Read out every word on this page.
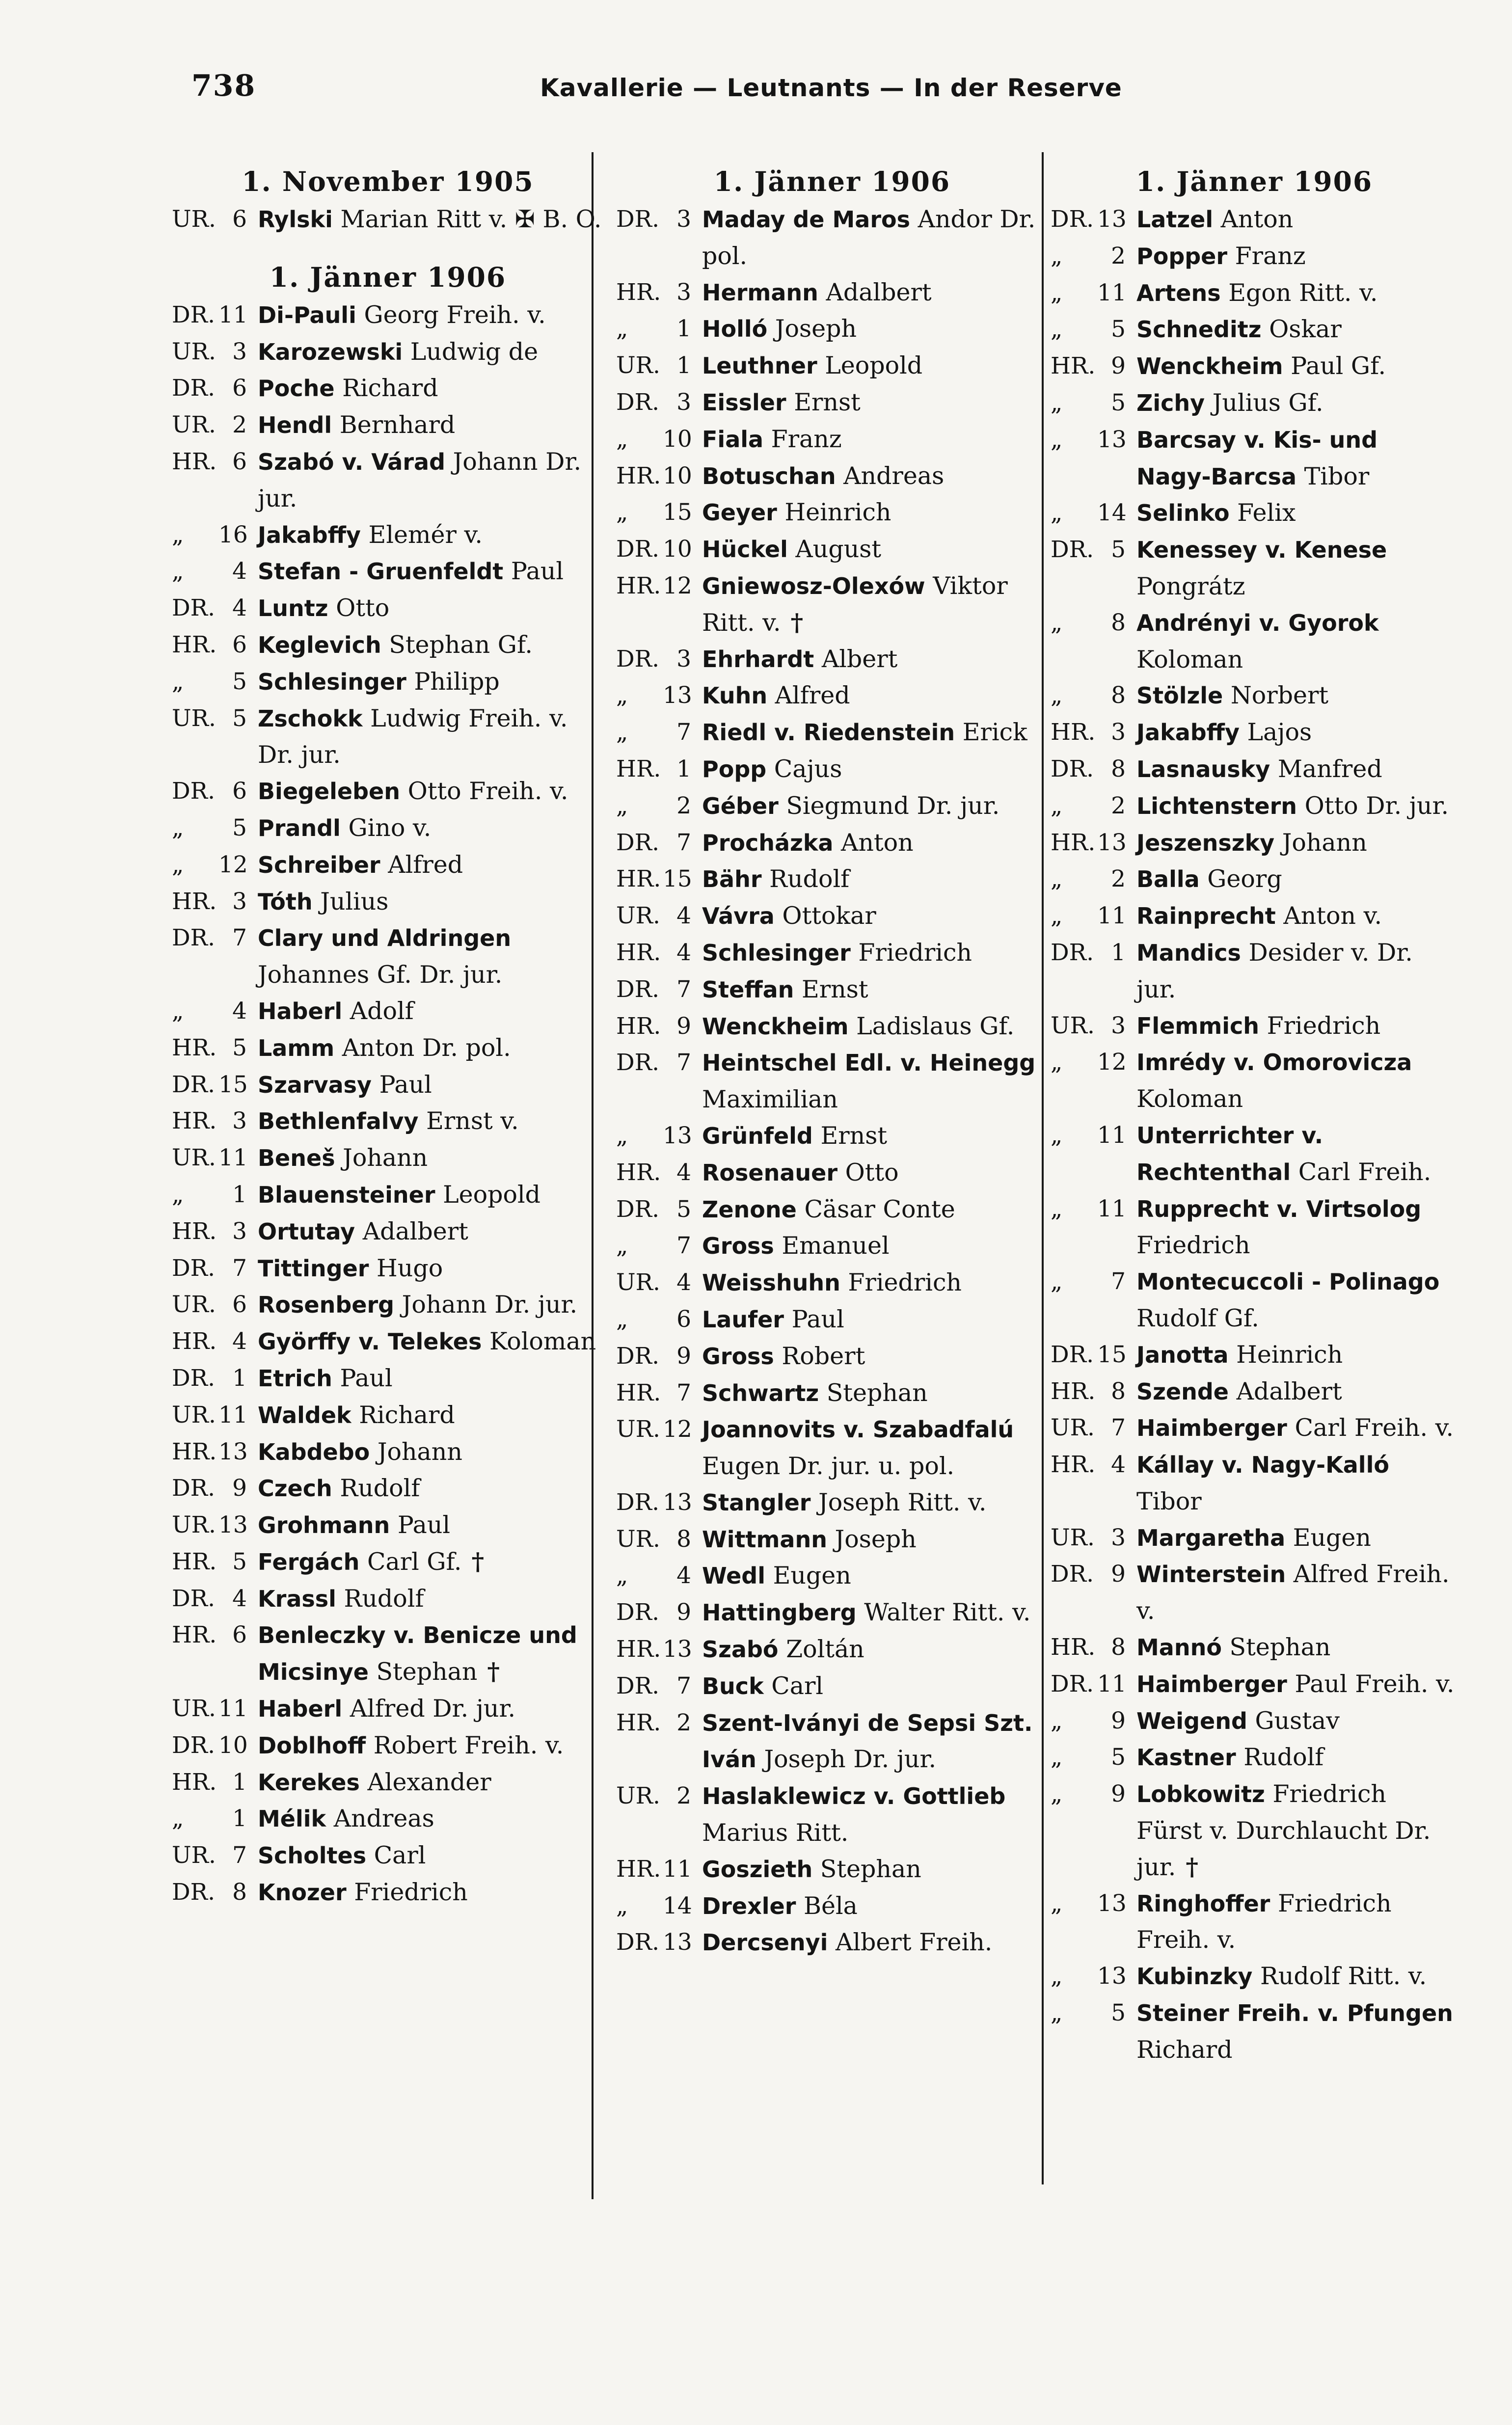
738	Kavallerie — Leutnants — In der Reserve
1. November 1905
UR. 6 Rylski Marian Ritt v. ✠ B. O.
1. Jänner 1906
DR. 11 Di-Pauli Georg Freih. v.
UR. 3 Karozewski Ludwig de
DR. 6 Poche Richard
UR. 2 Hendl Bernhard
HR. 6 Szabó v. Várad Johann Dr. jur.
„	16 Jakabffy Elemér v.
„	4 Stefan - Gruenfeldt Paul
DR. 4 Luntz Otto
HR. 6 Keglevich Stephan Gf.
„	5 Schlesinger Philipp
UR. 5 Zschokk Ludwig Freih. v. Dr. jur.
DR. 6 Biegeleben Otto Freih. v.
„	5 Prandl Gino v.
„	12 Schreiber Alfred
HR. 3 Tóth Julius
DR. 7 Clary und Aldringen Johannes Gf. Dr. jur.
„	4 Haberl Adolf
HR. 5 Lamm Anton Dr. pol.
DR. 15 Szarvasy Paul
HR. 3 Bethlenfalvy Ernst v.
UR. 11 Beneš Johann
„	1 Blauensteiner Leopold
HR. 3 Ortutay Adalbert
DR. 7 Tittinger Hugo
UR. 6 Rosenberg Johann Dr. jur.
HR. 4 Györffy v. Telekes Koloman
DR. 1 Etrich Paul
UR. 11 Waldek Richard
HR. 13 Kabdebo Johann
DR. 9 Czech Rudolf
UR. 13 Grohmann Paul
HR. 5 Fergách Carl Gf. †
DR. 4 Krassl Rudolf
HR. 6 Benleczky v. Benicze und Micsinye Stephan †
UR. 11 Haberl Alfred Dr. jur.
DR. 10 Doblhoff Robert Freih. v.
HR. 1 Kerekes Alexander
„	1 Mélik Andreas
UR. 7 Scholtes Carl
DR. 8 Knozer Friedrich
1. Jänner 1906
DR. 3 Maday de Maros Andor Dr. pol.
HR. 3 Hermann Adalbert
„	1 Holló Joseph
UR. 1 Leuthner Leopold
DR. 3 Eissler Ernst
„	10 Fiala Franz
HR. 10 Botuschan Andreas
„	15 Geyer Heinrich
DR. 10 Hückel August
HR. 12 Gniewosz-Olexów Viktor Ritt. v. †
DR. 3 Ehrhardt Albert
„	13 Kuhn Alfred
„	7 Riedl v. Riedenstein Erick
HR. 1 Popp Cajus
„	2 Géber Siegmund Dr. jur.
DR. 7 Procházka Anton
HR. 15 Bähr Rudolf
UR. 4 Vávra Ottokar
HR. 4 Schlesinger Friedrich
DR. 7 Steffan Ernst
HR. 9 Wenckheim Ladislaus Gf.
DR. 7 Heintschel Edl. v. Heinegg Maximilian
„	13 Grünfeld Ernst
HR. 4 Rosenauer Otto
DR. 5 Zenone Cäsar Conte
„	7 Gross Emanuel
UR. 4 Weisshuhn Friedrich
„	6 Laufer Paul
DR. 9 Gross Robert
HR. 7 Schwartz Stephan
UR. 12 Joannovits v. Szabadfalú Eugen Dr. jur. u. pol.
DR. 13 Stangler Joseph Ritt. v.
UR. 8 Wittmann Joseph
„	4 Wedl Eugen
DR. 9 Hattingberg Walter Ritt. v.
HR. 13 Szabó Zoltán
DR. 7 Buck Carl
HR. 2 Szent-Iványi de Sepsi Szt. Iván Joseph Dr. jur.
UR. 2 Haslaklewicz v. Gottlieb Marius Ritt.
HR. 11 Goszieth Stephan
„	14 Drexler Béla
DR. 13 Dercsenyi Albert Freih.
1. Jänner 1906
DR. 13 Latzel Anton
„	2 Popper Franz
„	11 Artens Egon Ritt. v.
„	5 Schneditz Oskar
HR. 9 Wenckheim Paul Gf.
„	5 Zichy Julius Gf.
„	13 Barcsay v. Kis- und Nagy-Barcsa Tibor
„	14 Selinko Felix
DR. 5 Kenessey v. Kenese Pongrátz
„	8 Andrényi v. Gyorok Koloman
„	8 Stölzle Norbert
HR. 3 Jakabffy Lajos
DR. 8 Lasnausky Manfred
„	2 Lichtenstern Otto Dr. jur.
HR. 13 Jeszenszky Johann
„	2 Balla Georg
„	11 Rainprecht Anton v.
DR. 1 Mandics Desider v. Dr. jur.
UR. 3 Flemmich Friedrich
„	12 Imrédy v. Omorovicza Koloman
„	11 Unterrichter v. Rechtenthal Carl Freih.
„	11 Rupprecht v. Virtsolog Friedrich
„	7 Montecuccoli - Polinago Rudolf Gf.
DR. 15 Janotta Heinrich
HR. 8 Szende Adalbert
UR. 7 Haimberger Carl Freih. v.
HR. 4 Kállay v. Nagy-Kalló Tibor
UR. 3 Margaretha Eugen
DR. 9 Winterstein Alfred Freih. v.
HR. 8 Mannó Stephan
DR. 11 Haimberger Paul Freih. v.
„	9 Weigend Gustav
„	5 Kastner Rudolf
„	9 Lobkowitz Friedrich Fürst v. Durchlaucht Dr. jur. †
„	13 Ringhoffer Friedrich Freih. v.
„	13 Kubinzky Rudolf Ritt. v.
„	5 Steiner Freih. v. Pfungen Richard
